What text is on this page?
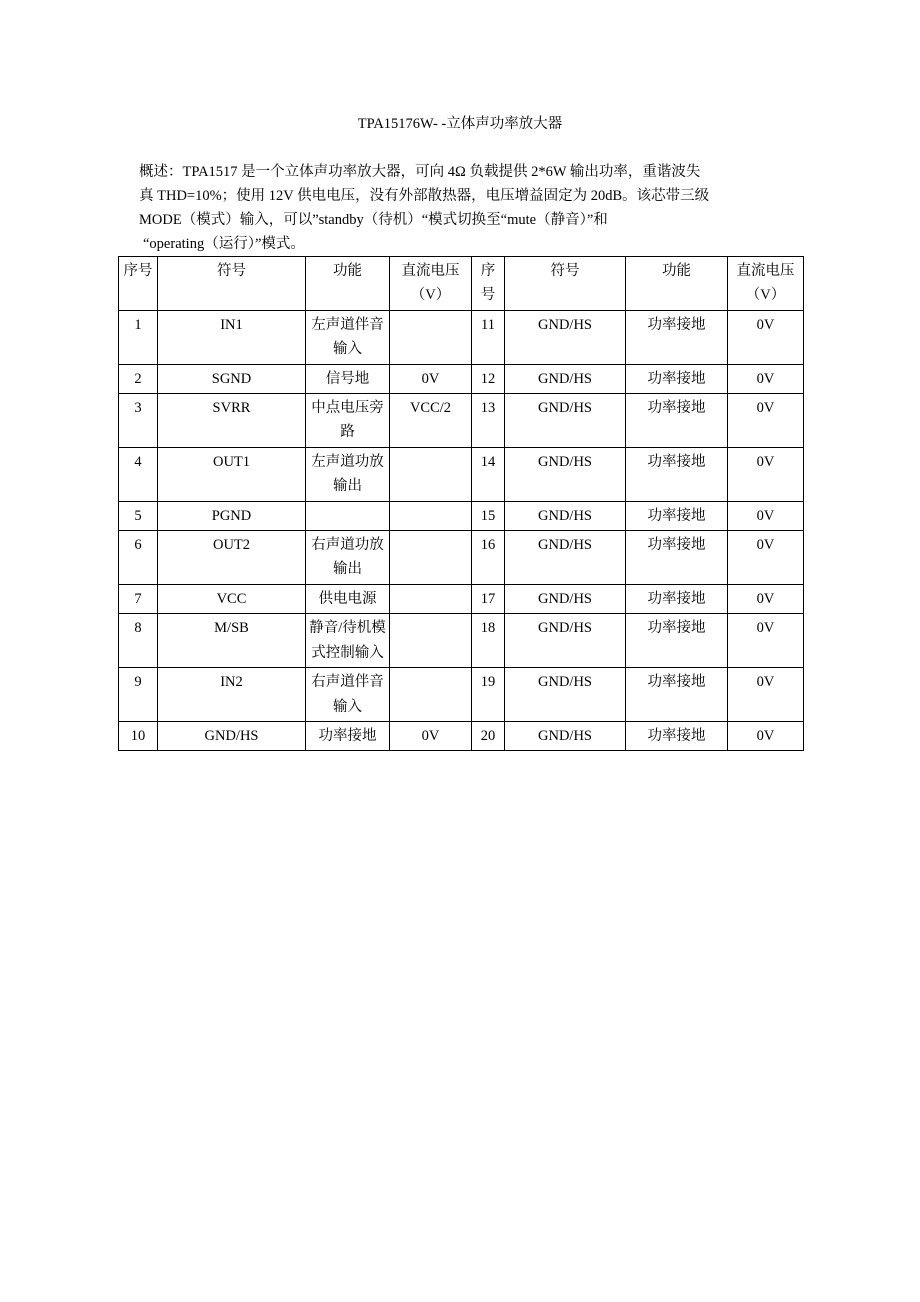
TPA15176W- -立体声功率放大器
概述：TPA1517 是一个立体声功率放大器，可向 4Ω 负载提供 2*6W 输出功率，重谐波失
真 THD=10%；使用 12V 供电电压，没有外部散热器，电压增益固定为 20dB。该芯带三级
MODE（模式）输入，可以”standby（待机）“模式切换至“mute（静音）”和
“operating（运行）”模式。
序号	符号	功能	直流电压（V）	序号	符号	功能	直流电压（V）
1	IN1	左声道伴音输入		11	GND/HS	功率接地	0V
2	SGND	信号地	0V	12	GND/HS	功率接地	0V
3	SVRR	中点电压旁路	VCC/2	13	GND/HS	功率接地	0V
4	OUT1	左声道功放输出		14	GND/HS	功率接地	0V
5	PGND			15	GND/HS	功率接地	0V
6	OUT2	右声道功放输出		16	GND/HS	功率接地	0V
7	VCC	供电电源		17	GND/HS	功率接地	0V
8	M/SB	静音/待机模式控制输入		18	GND/HS	功率接地	0V
9	IN2	右声道伴音输入		19	GND/HS	功率接地	0V
10	GND/HS	功率接地	0V	20	GND/HS	功率接地	0V
